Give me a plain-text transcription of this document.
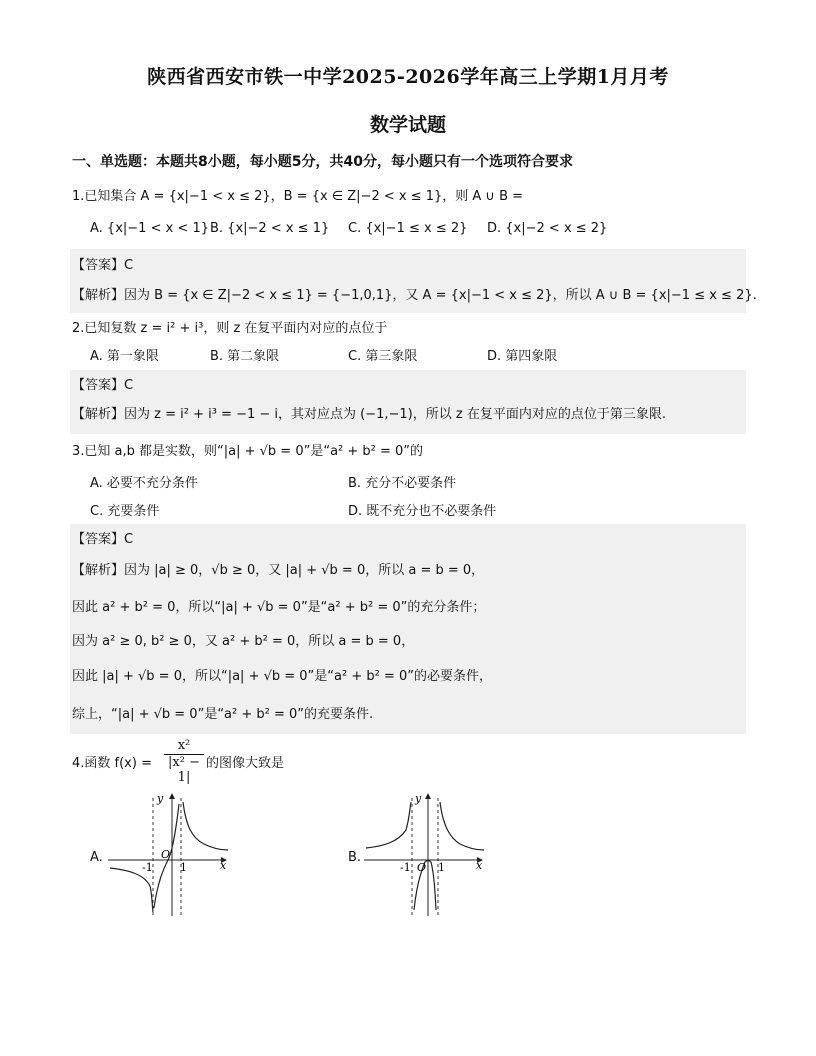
陕西省西安市铁一中学2025-2026学年高三上学期1月月考
数学试题
一、单选题：本题共8小题，每小题5分，共40分，每小题只有一个选项符合要求
1.已知集合 A = {x|−1 < x ≤ 2}，B = {x ∈ Z|−2 < x ≤ 1}，则 A ∪ B =
A. {x|−1 < x < 1} B. {x|−2 < x ≤ 1} C. {x|−1 ≤ x ≤ 2} D. {x|−2 < x ≤ 2}
【答案】C
【解析】因为 B = {x ∈ Z|−2 < x ≤ 1} = {−1,0,1}，又 A = {x|−1 < x ≤ 2}，所以 A ∪ B = {x|−1 ≤ x ≤ 2}.
2.已知复数 z = i² + i³，则 z 在复平面内对应的点位于
A. 第一象限	B. 第二象限	C. 第三象限	D. 第四象限
【答案】C
【解析】因为 z = i² + i³ = −1 − i，其对应点为 (−1,−1)，所以 z 在复平面内对应的点位于第三象限.
3.已知 a,b 都是实数，则“|a| + √b = 0”是“a² + b² = 0”的
A. 必要不充分条件	B. 充分不必要条件
C. 充要条件	D. 既不充分也不必要条件
【答案】C
【解析】因为 |a| ≥ 0，√b ≥ 0，又 |a| + √b = 0，所以 a = b = 0，
因此 a² + b² = 0，所以“|a| + √b = 0”是“a² + b² = 0”的充分条件；
因为 a² ≥ 0, b² ≥ 0，又 a² + b² = 0，所以 a = b = 0，
因此 |a| + √b = 0，所以“|a| + √b = 0”是“a² + b² = 0”的必要条件，
综上，“|a| + √b = 0”是“a² + b² = 0”的充要条件.
4.函数 $f(x) = \frac{\text{x²}}{\text{|x² − 1|}}$ 的图像大致是
A.	B.
y
x
O
-1 1
y
x
O
-1 1
